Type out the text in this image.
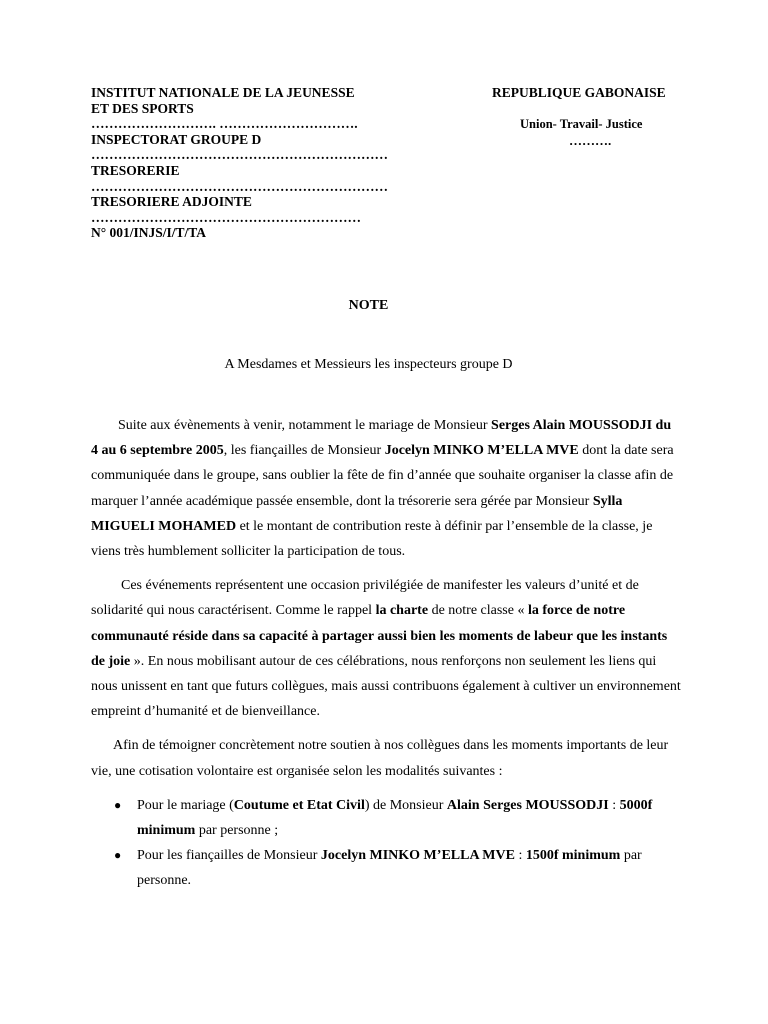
INSTITUT NATIONALE DE LA JEUNESSE
ET DES SPORTS
………………………. ………………………….
INSPECTORAT GROUPE D
…………………………………………………………
TRESORERIE
…………………………………………………………
TRESORIERE ADJOINTE
……………………………………………………
N° 001/INJS/I/T/TA
REPUBLIQUE GABONAISE
Union- Travail- Justice
……….
NOTE
A Mesdames et Messieurs les inspecteurs groupe D

Suite aux évènements à venir, notamment le mariage de Monsieur Serges Alain MOUSSODJI du 4 au 6 septembre 2005, les fiançailles de Monsieur Jocelyn MINKO M’ELLA MVE dont la date sera communiquée dans le groupe, sans oublier la fête de fin d’année que souhaite organiser la classe afin de marquer l’année académique passée ensemble, dont la trésorerie sera gérée par Monsieur Sylla MIGUELI MOHAMED et le montant de contribution reste à définir par l’ensemble de la classe, je viens très humblement solliciter la participation de tous.

Ces événements représentent une occasion privilégiée de manifester les valeurs d’unité et de solidarité qui nous caractérisent. Comme le rappel la charte de notre classe « la force de notre communauté réside dans sa capacité à partager aussi bien les moments de labeur que les instants de joie ». En nous mobilisant autour de ces célébrations, nous renforçons non seulement les liens qui nous unissent en tant que futurs collègues, mais aussi contribuons également à cultiver un environnement empreint d’humanité et de bienveillance.

Afin de témoigner concrètement notre soutien à nos collègues dans les moments importants de leur vie, une cotisation volontaire est organisée selon les modalités suivantes :

● Pour le mariage (Coutume et Etat Civil) de Monsieur Alain Serges MOUSSODJI : 5000f minimum par personne ;
● Pour les fiançailles de Monsieur Jocelyn MINKO M’ELLA MVE : 1500f minimum par personne.
